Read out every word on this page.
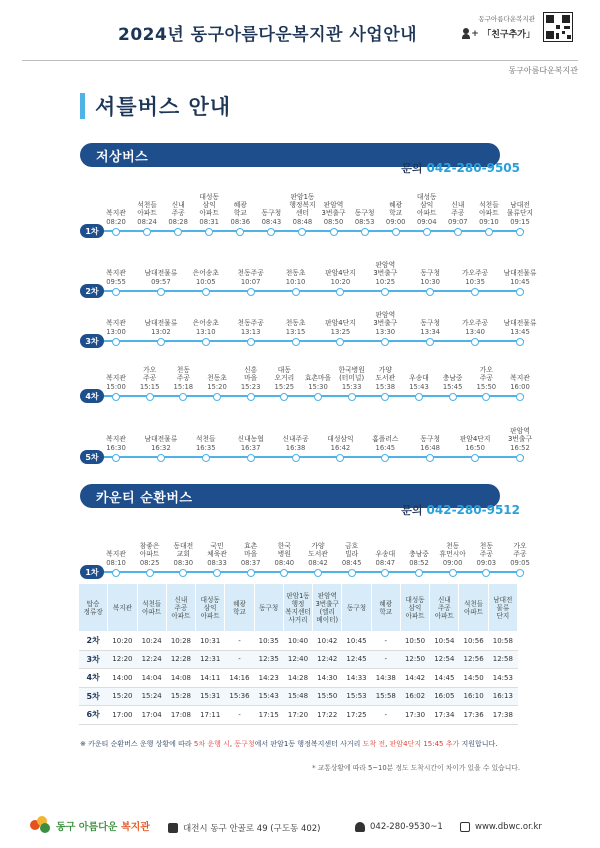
2024년 동구아름다운복지관 사업안내
동구아름다운복지관
+ 「친구추가」
동구아름다운복지관
셔틀버스 안내
저상버스
문의 042-280-9505
1차
복지관
08:20
석천들
아파트
08:24
신내
주공
08:28
대성동
삼익
아파트
08:31
혜광
학교
08:36
동구청
08:43
판암1동
행정복지
센터
08:48
판암역
3번출구
08:50
동구청
08:53
혜광
학교
09:00
대성동
삼익
아파트
09:04
신내
주공
09:07
석천들
아파트
09:10
남대전
물류단지
09:15
2차
복지관
09:55
남대전물류
09:57
은어송초
10:05
천동주공
10:07
천동초
10:10
판암4단지
10:20
판암역
3번출구
10:25
동구청
10:30
가오주공
10:35
남대전물류
10:45
3차
복지관
13:00
남대전물류
13:02
은어송초
13:10
천동주공
13:13
천동초
13:15
판암4단지
13:25
판암역
3번출구
13:30
동구청
13:34
가오주공
13:40
남대전물류
13:45
4차
복지관
15:00
가오
주공
15:15
천동
주공
15:18
천동초
15:20
신흥
마을
15:23
대동
오거리
15:25
효촌마을
15:30
한국병원
(터미널)
15:33
가양
도서관
15:38
우송대
15:43
충남중
15:45
가오
주공
15:50
복지관
16:00
5차
복지관
16:30
남대전물류
16:32
석천들
16:35
신내농협
16:37
신내주공
16:38
대성삼익
16:42
홈플러스
16:45
동구청
16:48
판암4단지
16:50
판암역
3번출구
16:52
카운티 순환버스
문의 042-280-9512
1차
복지관
08:10
참좋은
아파트
08:25
동대전
교회
08:30
국민
체육관
08:33
효촌
마을
08:37
한국
병원
08:40
가양
도서관
08:42
금호
빌라
08:45
우송대
08:47
충남중
08:52
천동
휴먼시아
09:00
천동
주공
09:03
가오
주공
09:05
탑승
정류장	복지관	석천들
아파트	신내
주공
아파트	대성동
삼익
아파트	혜광
학교	동구청	판암1동
행정
복지센터
사거리	판암역
3번출구
(엘리
베이터)	동구청	혜광
학교	대성동
삼익
아파트	신내
주공
아파트	석천들
아파트	남대전
물류
단지
2차	10:20	10:24	10:28	10:31	-	10:35	10:40	10:42	10:45	-	10:50	10:54	10:56	10:58
3차	12:20	12:24	12:28	12:31	-	12:35	12:40	12:42	12:45	-	12:50	12:54	12:56	12:58
4차	14:00	14:04	14:08	14:11	14:16	14:23	14:28	14:30	14:33	14:38	14:42	14:45	14:50	14:53
5차	15:20	15:24	15:28	15:31	15:36	15:43	15:48	15:50	15:53	15:58	16:02	16:05	16:10	16:13
6차	17:00	17:04	17:08	17:11	-	17:15	17:20	17:22	17:25	-	17:30	17:34	17:36	17:38
※ 카운티 순환버스 운행 상황에 따라 5차 운행 시, 동구청에서 판암1동 행정복지센터 사거리 도착 전, 판암4단지 15:45 추가 지원합니다.
* 교통상황에 따라 5~10분 정도 도착시간이 차이가 있을 수 있습니다.
동구 아름다운 복지관	대전시 동구 안골로 49 (구도동 402)	042-280-9530~1	www.dbwc.or.kr
